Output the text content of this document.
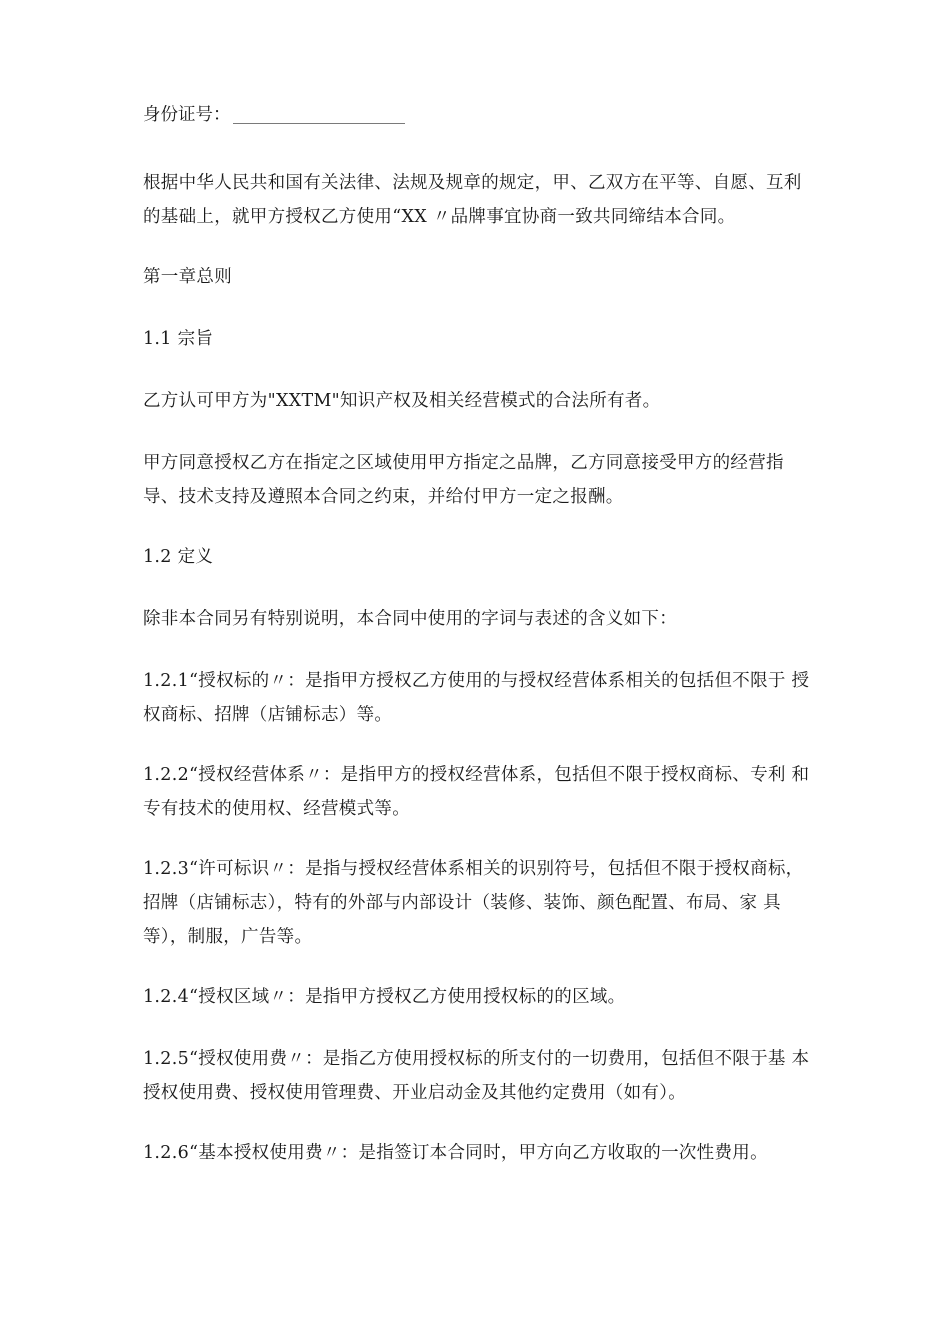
身份证号：

根据中华人民共和国有关法律、法规及规章的规定，甲、乙双方在平等、自愿、互利的基础上，就甲方授权乙方使用“XX 〃品牌事宜协商一致共同缔结本合同。

第一章总则

1.1 宗旨

乙方认可甲方为"XXTM"知识产权及相关经营模式的合法所有者。

甲方同意授权乙方在指定之区域使用甲方指定之品牌，乙方同意接受甲方的经营指导、技术支持及遵照本合同之约束，并给付甲方一定之报酬。

1.2 定义

除非本合同另有特别说明，本合同中使用的字词与表述的含义如下：

1.2.1“授权标的〃：是指甲方授权乙方使用的与授权经营体系相关的包括但不限于 授权商标、招牌（店铺标志）等。

1.2.2“授权经营体系〃：是指甲方的授权经营体系，包括但不限于授权商标、专利 和专有技术的使用权、经营模式等。

1.2.3“许可标识〃：是指与授权经营体系相关的识别符号，包括但不限于授权商标， 招牌（店铺标志），特有的外部与内部设计（装修、装饰、颜色配置、布局、家 具等），制服，广告等。

1.2.4“授权区域〃：是指甲方授权乙方使用授权标的的区域。

1.2.5“授权使用费〃：是指乙方使用授权标的所支付的一切费用，包括但不限于基 本授权使用费、授权使用管理费、开业启动金及其他约定费用（如有）。

1.2.6“基本授权使用费〃：是指签订本合同时，甲方向乙方收取的一次性费用。
